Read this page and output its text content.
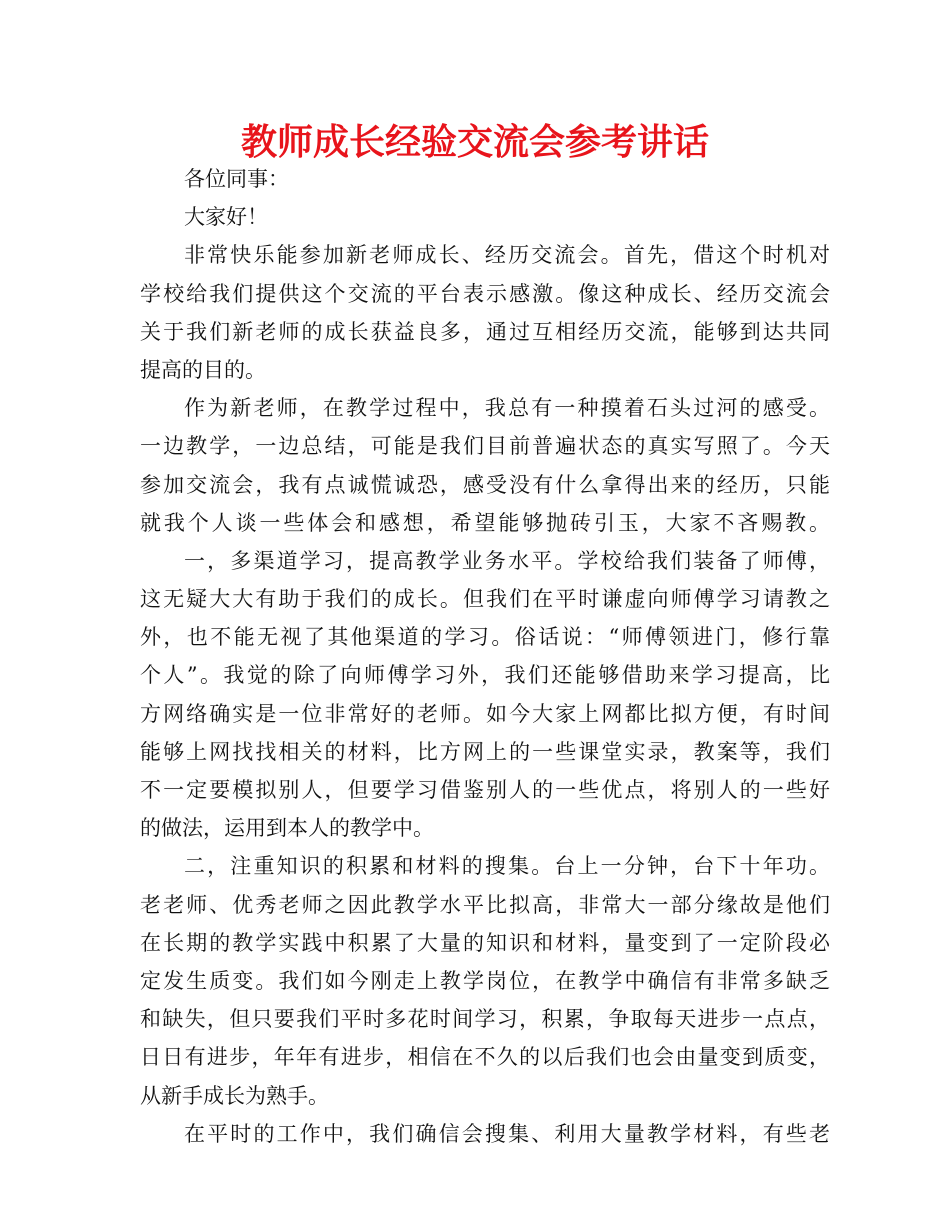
教师成长经验交流会参考讲话
各位同事：
大家好！
非常快乐能参加新老师成长、经历交流会。首先，借这个时机对
学校给我们提供这个交流的平台表示感激。像这种成长、经历交流会
关于我们新老师的成长获益良多，通过互相经历交流，能够到达共同
提高的目的。
作为新老师，在教学过程中，我总有一种摸着石头过河的感受。
一边教学，一边总结，可能是我们目前普遍状态的真实写照了。今天
参加交流会，我有点诚慌诚恐，感受没有什么拿得出来的经历，只能
就我个人谈一些体会和感想，希望能够抛砖引玉，大家不吝赐教。
一，多渠道学习，提高教学业务水平。学校给我们装备了师傅，
这无疑大大有助于我们的成长。但我们在平时谦虚向师傅学习请教之
外，也不能无视了其他渠道的学习。俗话说：“师傅领进门，修行靠
个人”。我觉的除了向师傅学习外，我们还能够借助来学习提高，比
方网络确实是一位非常好的老师。如今大家上网都比拟方便，有时间
能够上网找找相关的材料，比方网上的一些课堂实录，教案等，我们
不一定要模拟别人，但要学习借鉴别人的一些优点，将别人的一些好
的做法，运用到本人的教学中。
二，注重知识的积累和材料的搜集。台上一分钟，台下十年功。
老老师、优秀老师之因此教学水平比拟高，非常大一部分缘故是他们
在长期的教学实践中积累了大量的知识和材料，量变到了一定阶段必
定发生质变。我们如今刚走上教学岗位，在教学中确信有非常多缺乏
和缺失，但只要我们平时多花时间学习，积累，争取每天进步一点点，
日日有进步，年年有进步，相信在不久的以后我们也会由量变到质变，
从新手成长为熟手。
在平时的工作中，我们确信会搜集、利用大量教学材料，有些老
